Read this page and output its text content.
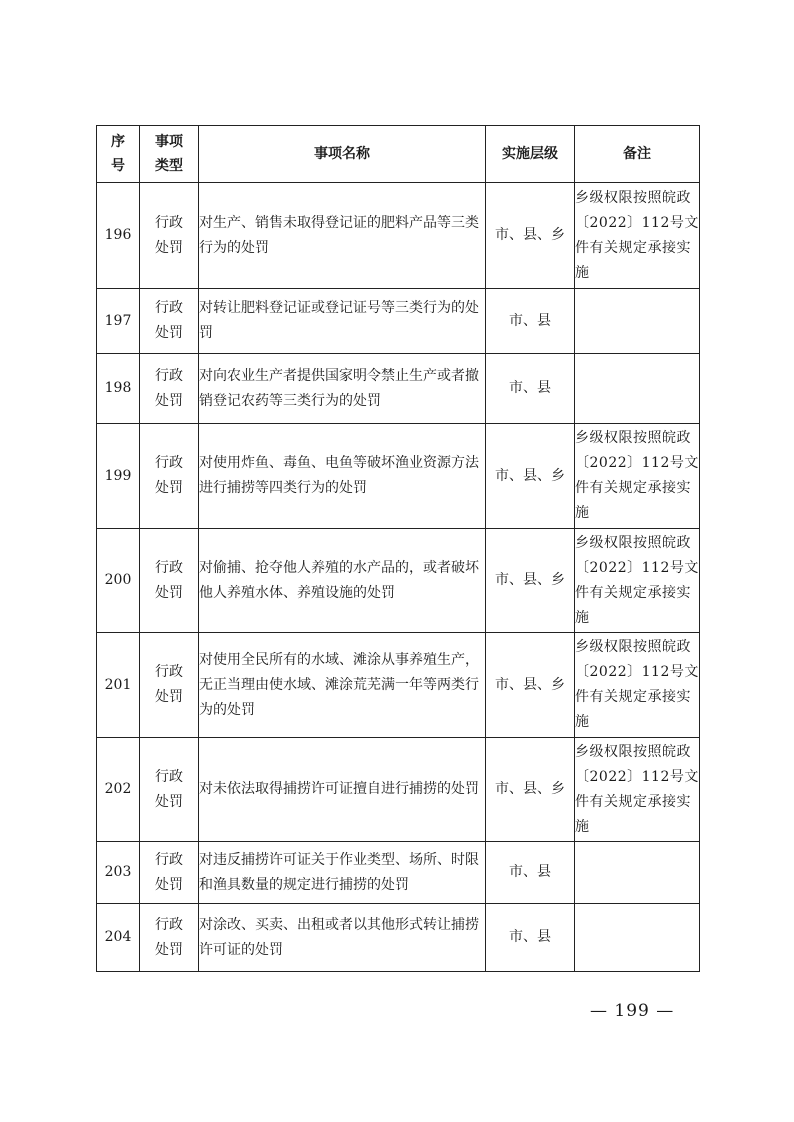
序号	事项类型	事项名称	实施层级	备注
196	行政处罚	对生产、销售未取得登记证的肥料产品等三类行为的处罚	市、县、乡	乡级权限按照皖政〔2022〕112号文件有关规定承接实施
197	行政处罚	对转让肥料登记证或登记证号等三类行为的处罚	市、县	
198	行政处罚	对向农业生产者提供国家明令禁止生产或者撤销登记农药等三类行为的处罚	市、县	
199	行政处罚	对使用炸鱼、毒鱼、电鱼等破坏渔业资源方法进行捕捞等四类行为的处罚	市、县、乡	乡级权限按照皖政〔2022〕112号文件有关规定承接实施
200	行政处罚	对偷捕、抢夺他人养殖的水产品的，或者破坏他人养殖水体、养殖设施的处罚	市、县、乡	乡级权限按照皖政〔2022〕112号文件有关规定承接实施
201	行政处罚	对使用全民所有的水域、滩涂从事养殖生产，无正当理由使水域、滩涂荒芜满一年等两类行为的处罚	市、县、乡	乡级权限按照皖政〔2022〕112号文件有关规定承接实施
202	行政处罚	对未依法取得捕捞许可证擅自进行捕捞的处罚	市、县、乡	乡级权限按照皖政〔2022〕112号文件有关规定承接实施
203	行政处罚	对违反捕捞许可证关于作业类型、场所、时限和渔具数量的规定进行捕捞的处罚	市、县	
204	行政处罚	对涂改、买卖、出租或者以其他形式转让捕捞许可证的处罚	市、县	
— 199 —
